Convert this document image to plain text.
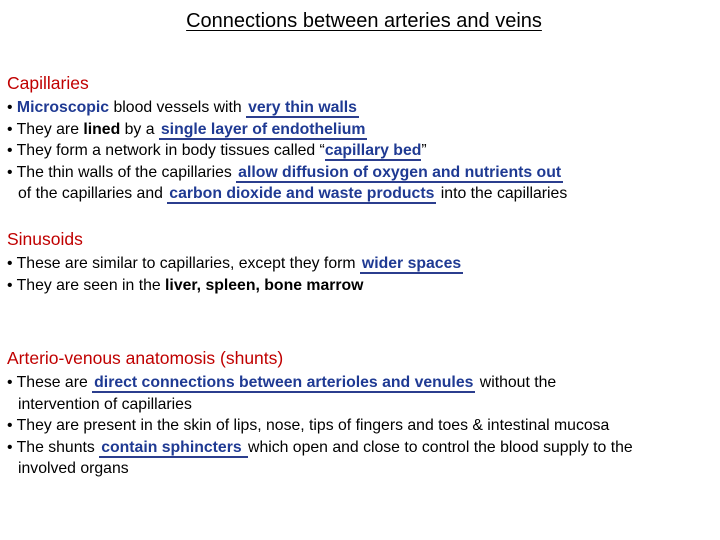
Connections between arteries and veins
Capillaries
• Microscopic blood vessels with very thin walls
• They are lined by a single layer of endothelium
• They form a network in body tissues called “capillary bed”
• The thin walls of the capillaries allow diffusion of oxygen and nutrients out
of the capillaries and carbon dioxide and waste products into the capillaries
Sinusoids
• These are similar to capillaries, except they form wider spaces
• They are seen in the liver, spleen, bone marrow
Arterio-venous anatomosis (shunts)
• These are direct connections between arterioles and venules without the
intervention of capillaries
• They are present in the skin of lips, nose, tips of fingers and toes & intestinal mucosa
• The shunts contain sphincters which open and close to control the blood supply to the
involved organs
